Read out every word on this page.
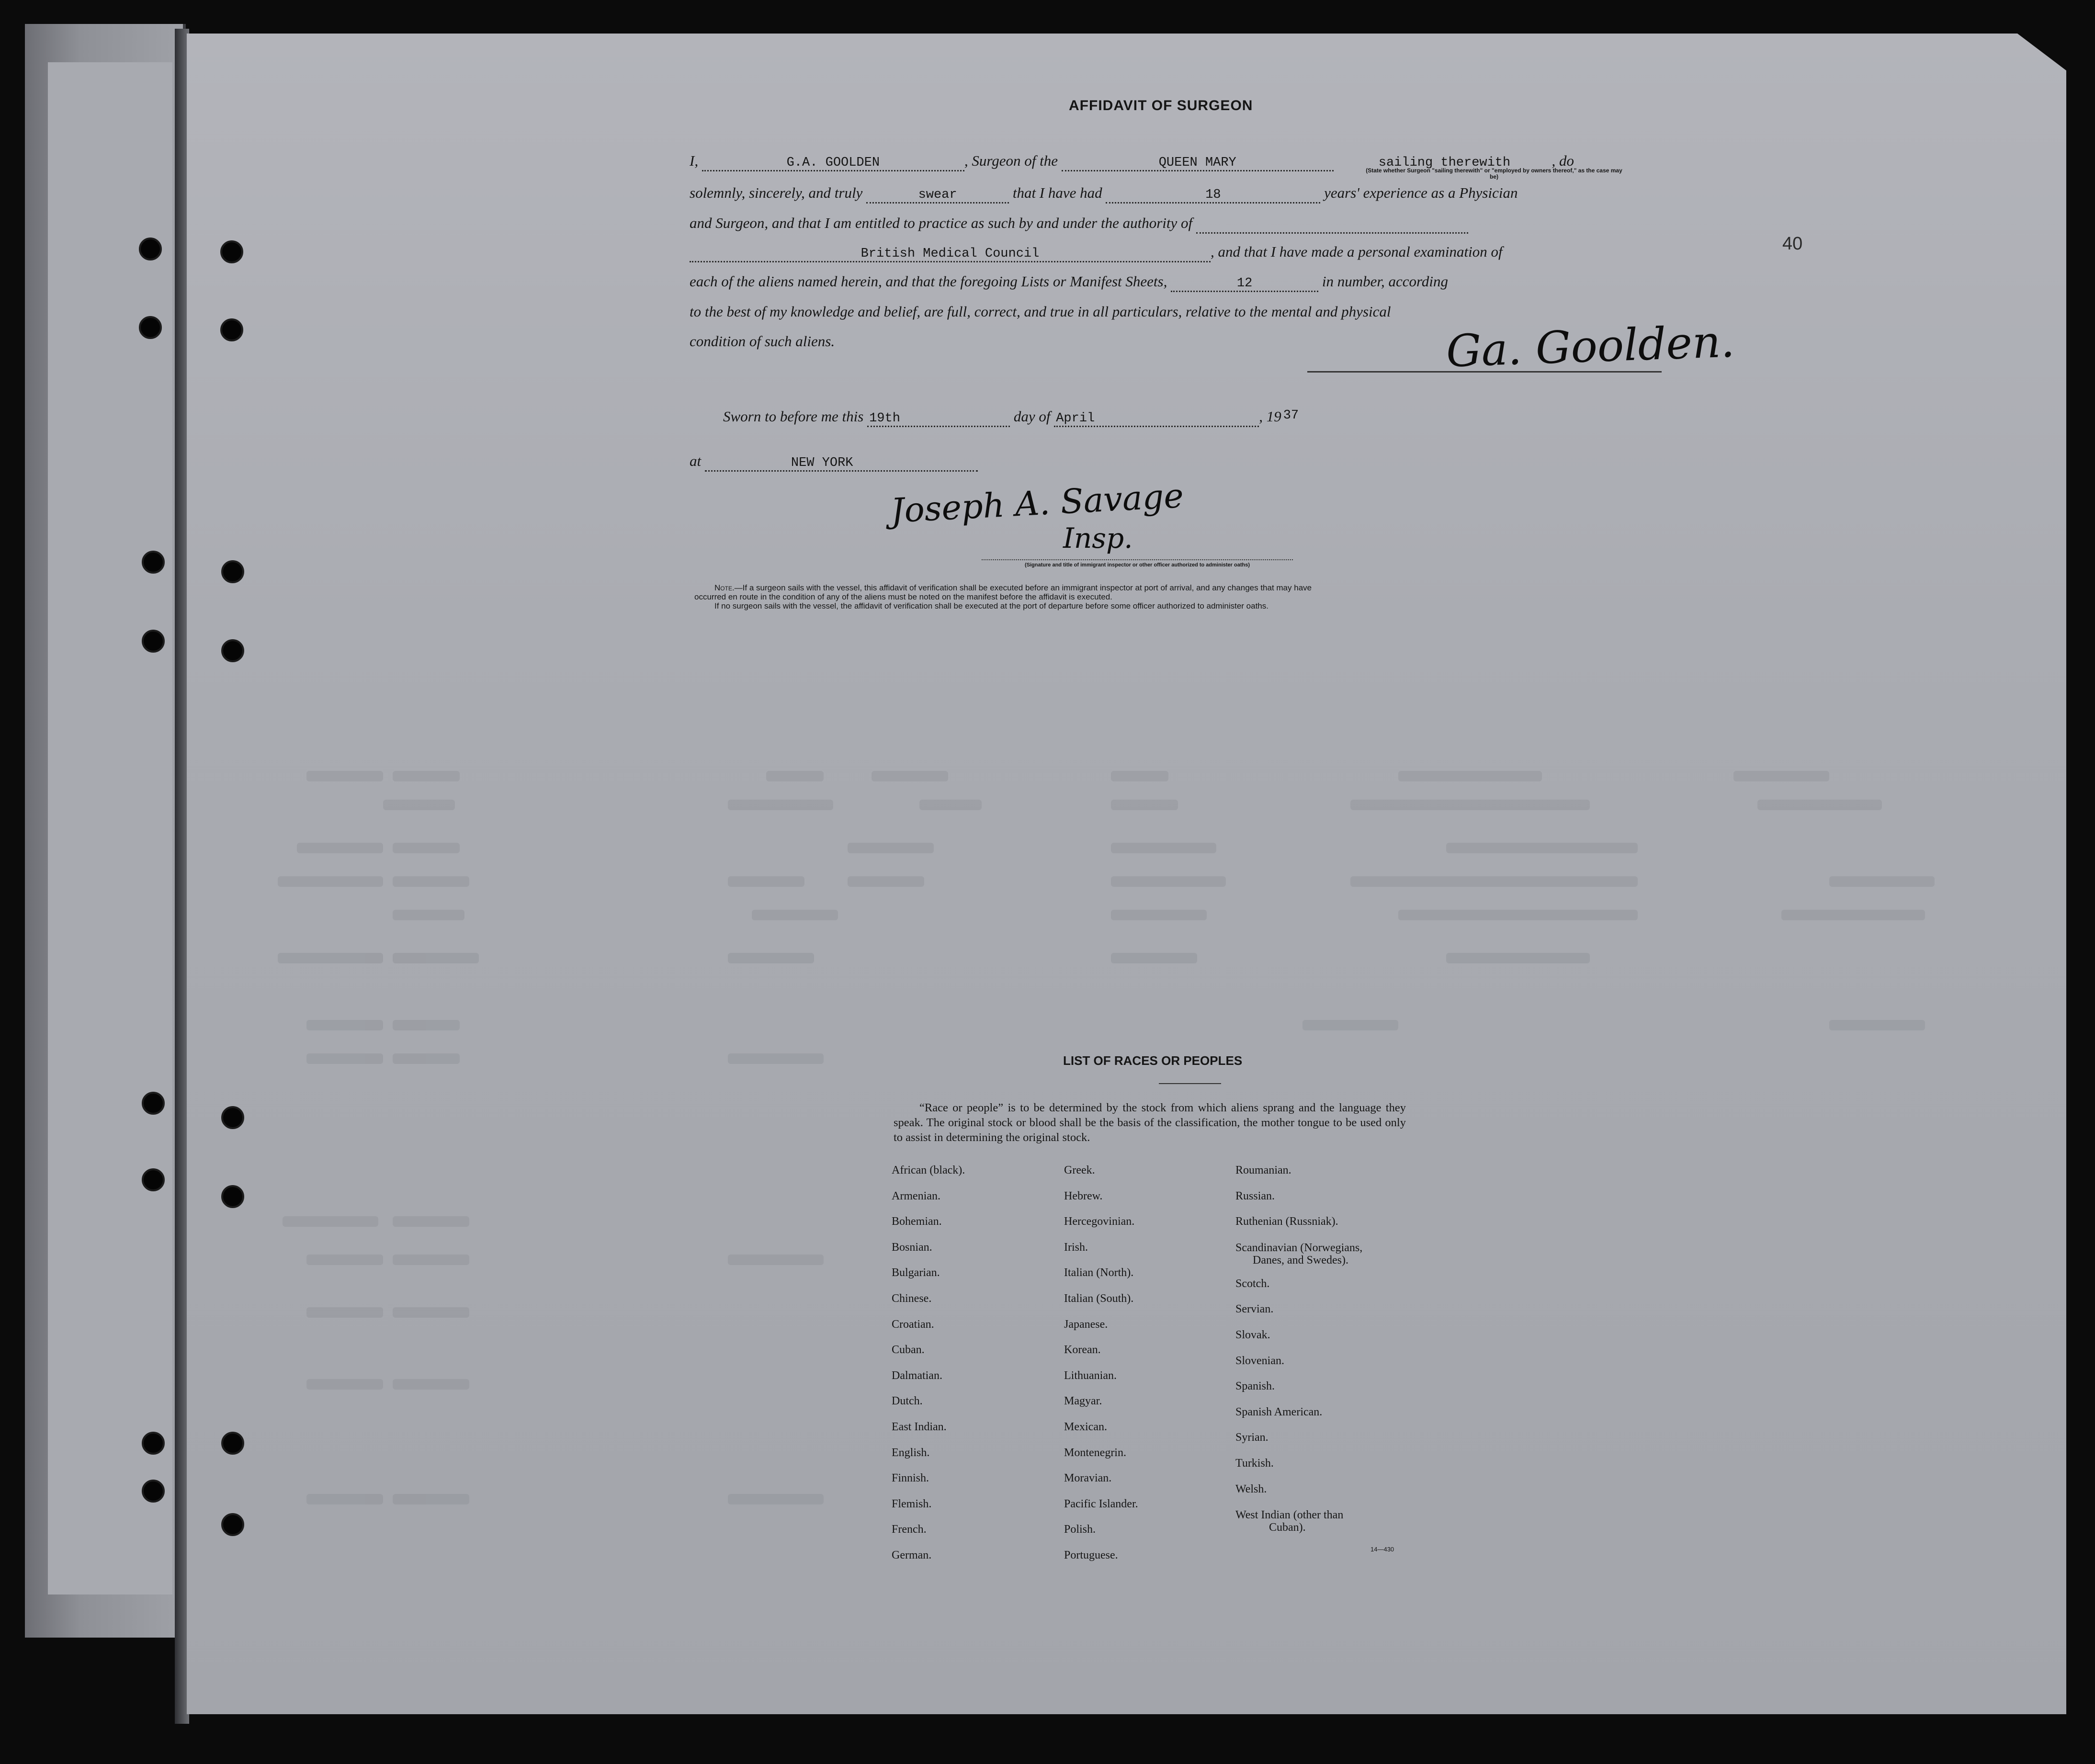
40
AFFIDAVIT OF SURGEON
I,	G.A. GOOLDEN	, Surgeon of the	QUEEN MARY	sailing therewith	, do
(State whether Surgeon "sailing therewith" or "employed by owners thereof," as the case may be)
solemnly, sincerely, and truly	swear	that I have had	18	years' experience as a Physician
and Surgeon, and that I am entitled to practice as such by and under the authority of
British Medical Council	, and that I have made a personal examination of
each of the aliens named herein, and that the foregoing Lists or Manifest Sheets,	12	in number, according
to the best of my knowledge and belief, are full, correct, and true in all particulars, relative to the mental and physical
condition of such aliens.	Ga. Goolden.
Sworn to before me this 19th	day of April	, 19 37
at	NEW YORK
Joseph A. Savage
Insp.
(Signature and title of immigrant inspector or other officer authorized to administer oaths)
Note.—If a surgeon sails with the vessel, this affidavit of verification shall be executed before an immigrant inspector at port of arrival, and any changes that may have
occurred en route in the condition of any of the aliens must be noted on the manifest before the affidavit is executed.
If no surgeon sails with the vessel, the affidavit of verification shall be executed at the port of departure before some officer authorized to administer oaths.
LIST OF RACES OR PEOPLES
“Race or people” is to be determined by the stock from which aliens sprang and the language they speak. The original stock or blood shall be the basis of the classification, the mother tongue to be used only to assist in determining the original stock.
African (black).
Armenian.
Bohemian.
Bosnian.
Bulgarian.
Chinese.
Croatian.
Cuban.
Dalmatian.
Dutch.
East Indian.
English.
Finnish.
Flemish.
French.
German.
Greek.
Hebrew.
Hercegovinian.
Irish.
Italian (North).
Italian (South).
Japanese.
Korean.
Lithuanian.
Magyar.
Mexican.
Montenegrin.
Moravian.
Pacific Islander.
Polish.
Portuguese.
Roumanian.
Russian.
Ruthenian (Russniak).
Scandinavian (Norwegians,
Danes, and Swedes).
Scotch.
Servian.
Slovak.
Slovenian.
Spanish.
Spanish American.
Syrian.
Turkish.
Welsh.
West Indian (other than
Cuban).
14—430
